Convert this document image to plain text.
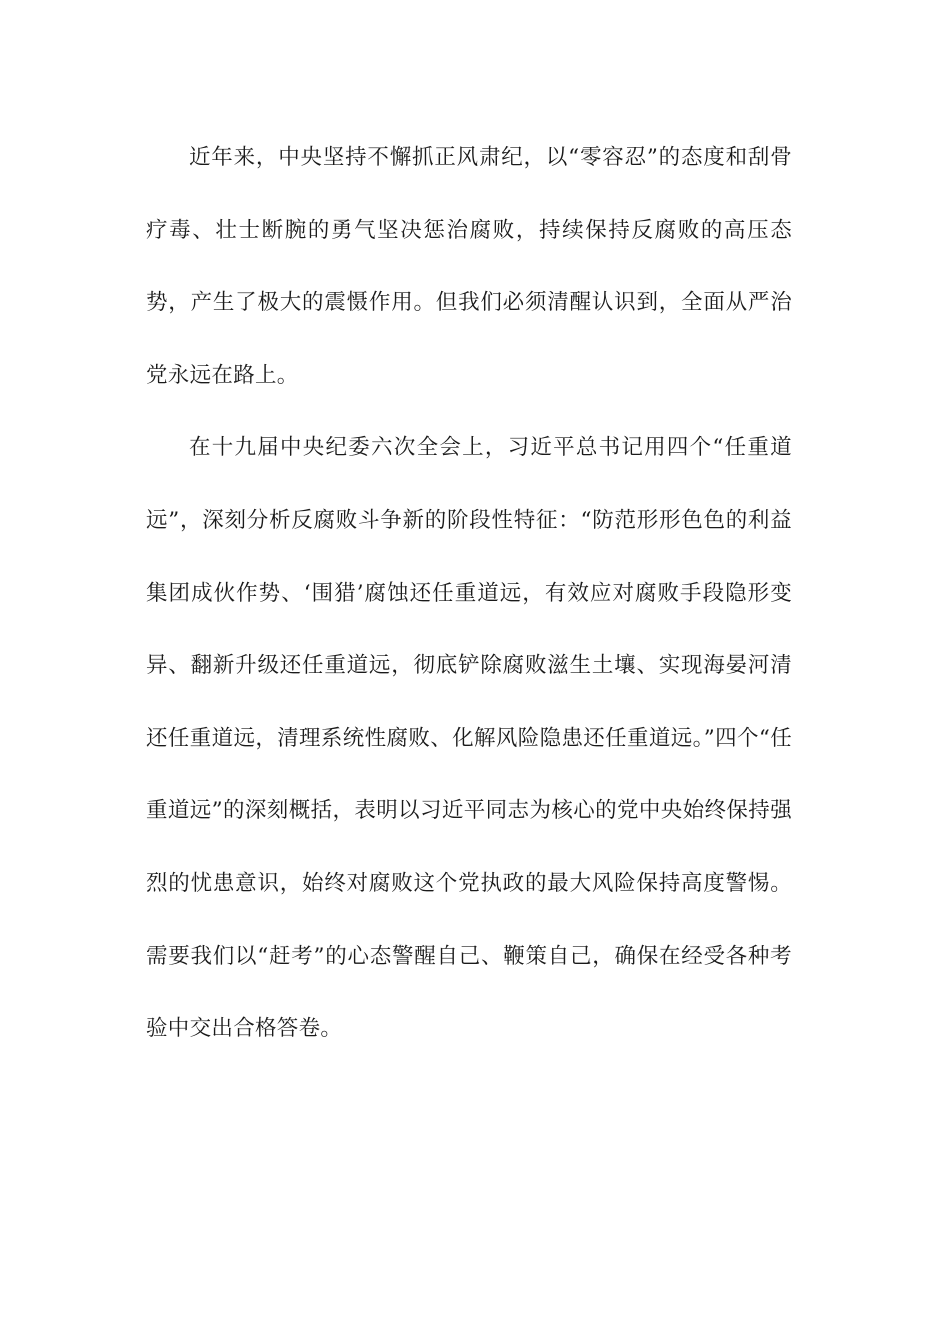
近年来，中央坚持不懈抓正风肃纪，以“零容忍”的态度和刮骨疗毒、壮士断腕的勇气坚决惩治腐败，持续保持反腐败的高压态势，产生了极大的震慑作用。但我们必须清醒认识到，全面从严治党永远在路上。

在十九届中央纪委六次全会上，习近平总书记用四个“任重道远”，深刻分析反腐败斗争新的阶段性特征：“防范形形色色的利益集团成伙作势、‘围猎’腐蚀还任重道远，有效应对腐败手段隐形变异、翻新升级还任重道远，彻底铲除腐败滋生土壤、实现海晏河清还任重道远，清理系统性腐败、化解风险隐患还任重道远。”四个“任重道远”的深刻概括，表明以习近平同志为核心的党中央始终保持强烈的忧患意识，始终对腐败这个党执政的最大风险保持高度警惕。需要我们以“赶考”的心态警醒自己、鞭策自己，确保在经受各种考验中交出合格答卷。
